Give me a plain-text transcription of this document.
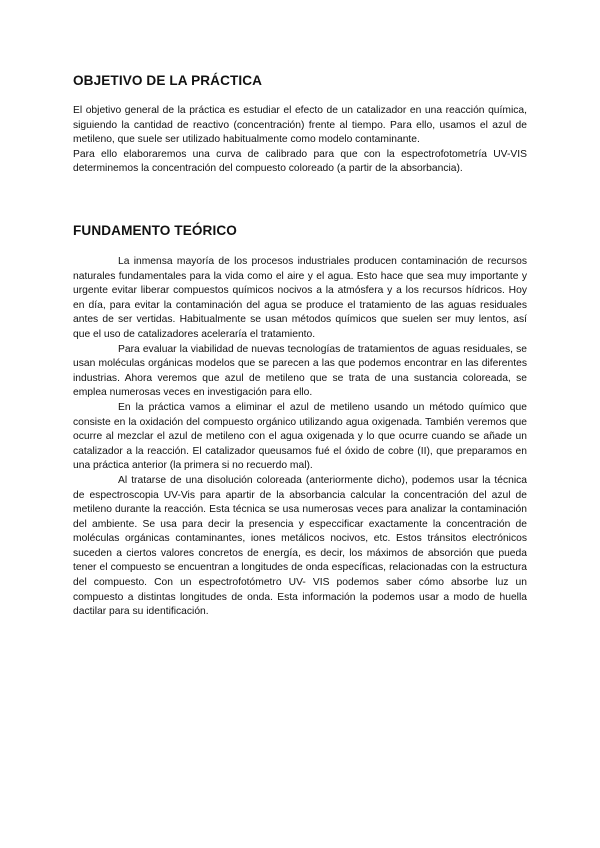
OBJETIVO DE LA PRÁCTICA

El objetivo general de la práctica es estudiar el efecto de un catalizador en una reacción química, siguiendo la cantidad de reactivo (concentración) frente al tiempo. Para ello, usamos el azul de metileno, que suele ser utilizado habitualmente como modelo contaminante.

Para ello elaboraremos una curva de calibrado para que con la espectrofotometría UV-VIS determinemos la concentración del compuesto coloreado (a partir de la absorbancia).

FUNDAMENTO TEÓRICO

La inmensa mayoría de los procesos industriales producen contaminación de recursos naturales fundamentales para la vida como el aire y el agua. Esto hace que sea muy importante y urgente evitar liberar compuestos químicos nocivos a la atmósfera y a los recursos hídricos. Hoy en día, para evitar la contaminación del agua se produce el tratamiento de las aguas residuales antes de ser vertidas. Habitualmente se usan métodos químicos que suelen ser muy lentos, así que el uso de catalizadores aceleraría el tratamiento.

Para evaluar la viabilidad de nuevas tecnologías de tratamientos de aguas residuales, se usan moléculas orgánicas modelos que se parecen a las que podemos encontrar en las diferentes industrias. Ahora veremos que azul de metileno que se trata de una sustancia coloreada, se emplea numerosas veces en investigación para ello.

En la práctica vamos a eliminar el azul de metileno usando un método químico que consiste en la oxidación del compuesto orgánico utilizando agua oxigenada. También veremos que ocurre al mezclar el azul de metileno con el agua oxigenada y lo que ocurre cuando se añade un catalizador a la reacción. El catalizador queusamos fué el óxido de cobre (II), que preparamos en una práctica anterior (la primera si no recuerdo mal).

Al tratarse de una disolución coloreada (anteriormente dicho), podemos usar la técnica de espectroscopia UV-Vis para apartir de la absorbancia calcular la concentración del azul de metileno durante la reacción. Esta técnica se usa numerosas veces para analizar la contaminación del ambiente. Se usa para decir la presencia y especcificar exactamente la concentración de moléculas orgánicas contaminantes, iones metálicos nocivos, etc. Estos tránsitos electrónicos suceden a ciertos valores concretos de energía, es decir, los máximos de absorción que pueda tener el compuesto se encuentran a longitudes de onda específicas, relacionadas con la estructura del compuesto. Con un espectrofotómetro UV- VIS podemos saber cómo absorbe luz un compuesto a distintas longitudes de onda. Esta información la podemos usar a modo de huella dactilar para su identificación.
